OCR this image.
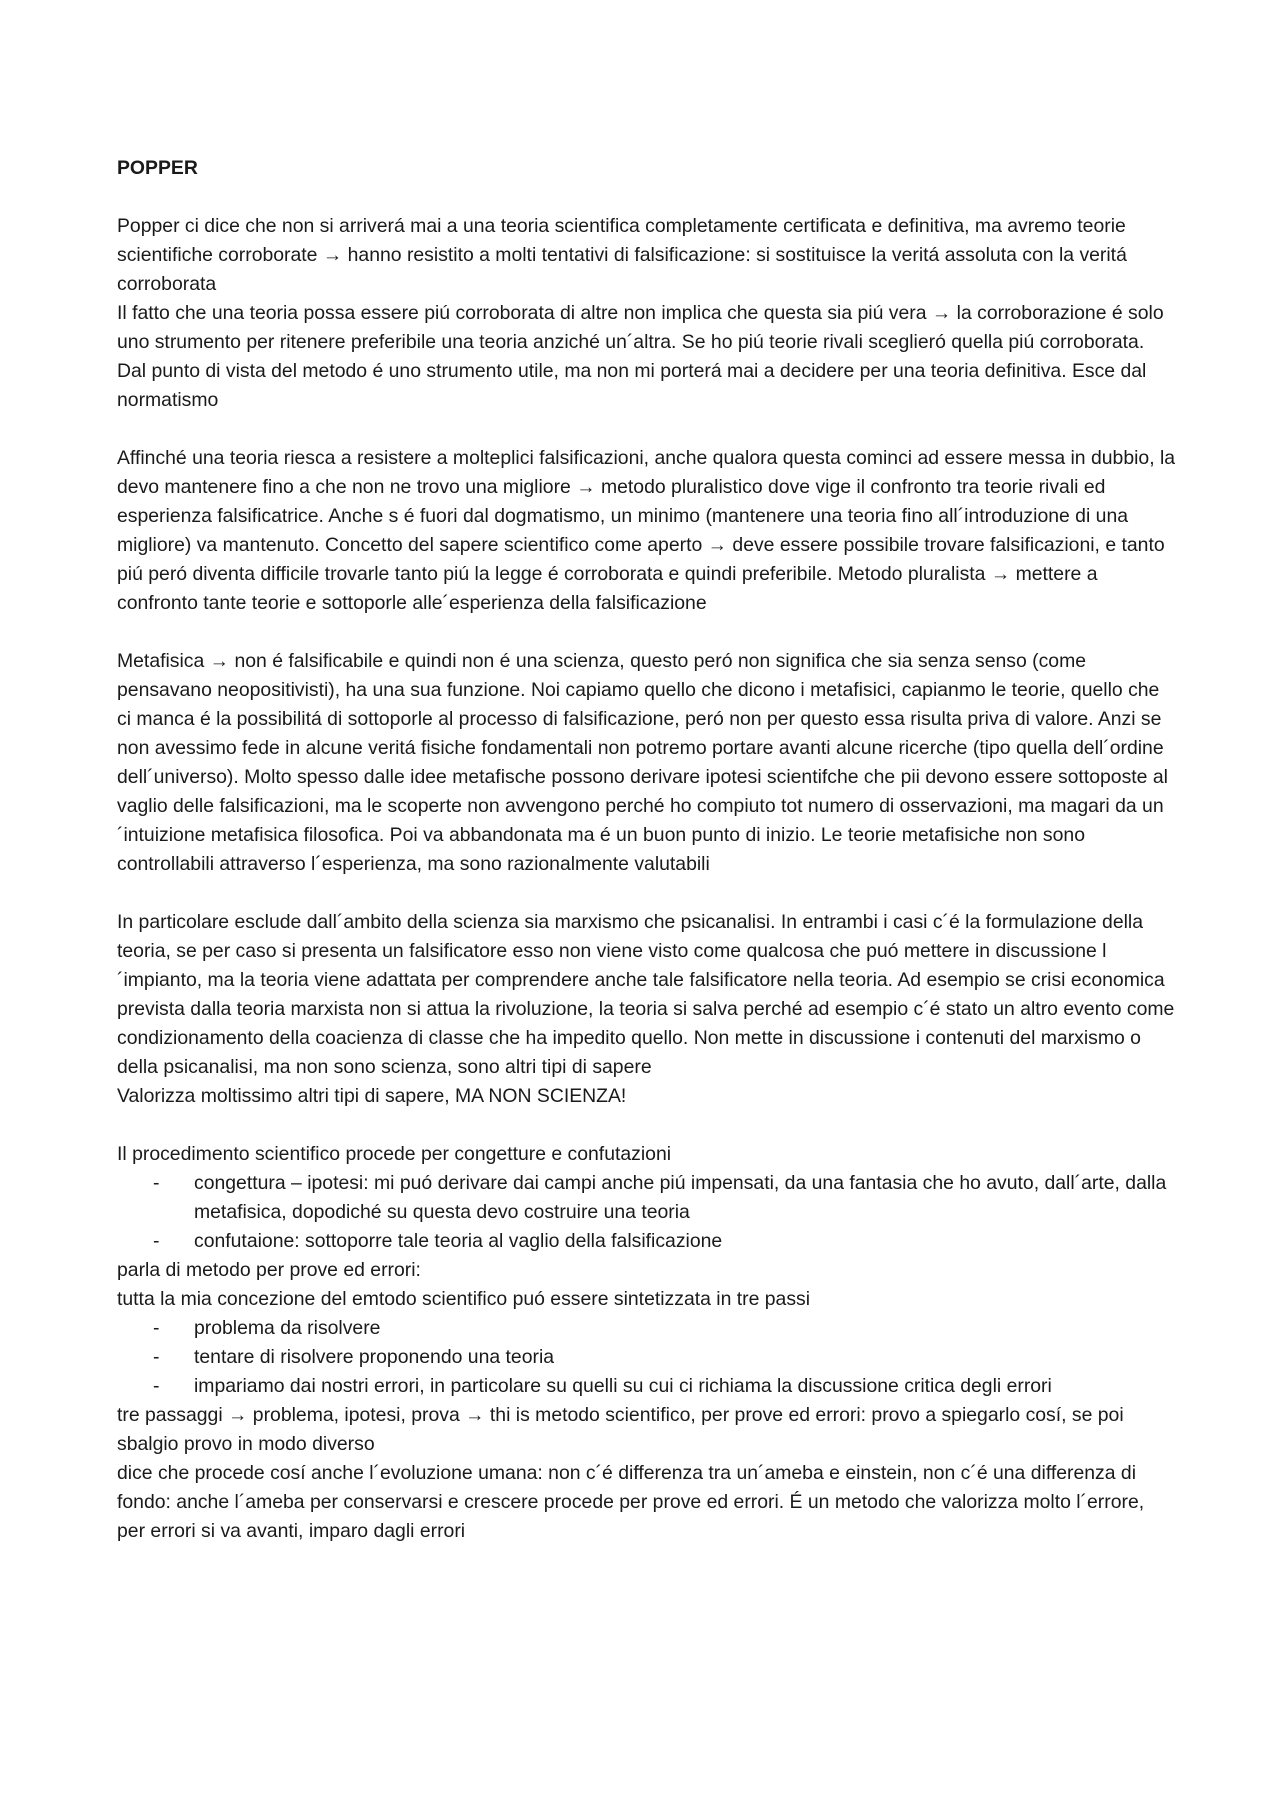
POPPER

Popper ci dice che non si arriverá mai a una teoria scientifica completamente certificata e definitiva, ma avremo teorie scientifiche corroborate → hanno resistito a molti tentativi di falsificazione: si sostituisce la veritá assoluta con la veritá corroborata

Il fatto che una teoria possa essere piú corroborata di altre non implica che questa sia piú vera → la corroborazione é solo uno strumento per ritenere preferibile una teoria anziché un´altra. Se ho piú teorie rivali sceglieró quella piú corroborata. Dal punto di vista del metodo é uno strumento utile, ma non mi porterá mai a decidere per una teoria definitiva. Esce dal normatismo

Affinché una teoria riesca a resistere a molteplici falsificazioni, anche qualora questa cominci ad essere messa in dubbio, la devo mantenere fino a che non ne trovo una migliore → metodo pluralistico dove vige il confronto tra teorie rivali ed esperienza falsificatrice. Anche s é fuori dal dogmatismo, un minimo (mantenere una teoria fino all´introduzione di una migliore) va mantenuto. Concetto del sapere scientifico come aperto → deve essere possibile trovare falsificazioni, e tanto piú peró diventa difficile trovarle tanto piú la legge é corroborata e quindi preferibile. Metodo pluralista → mettere a confronto tante teorie e sottoporle alle´esperienza della falsificazione

Metafisica → non é falsificabile e quindi non é una scienza, questo peró non significa che sia senza senso (come pensavano neopositivisti), ha una sua funzione. Noi capiamo quello che dicono i metafisici, capianmo le teorie, quello che ci manca é la possibilitá di sottoporle al processo di falsificazione, peró non per questo essa risulta priva di valore. Anzi se non avessimo fede in alcune veritá fisiche fondamentali non potremo portare avanti alcune ricerche (tipo quella dell´ordine dell´universo). Molto spesso dalle idee metafische possono derivare ipotesi scientifche che pii devono essere sottoposte al vaglio delle falsificazioni, ma le scoperte non avvengono perché ho compiuto tot numero di osservazioni, ma magari da un´intuizione metafisica filosofica. Poi va abbandonata ma é un buon punto di inizio. Le teorie metafisiche non sono controllabili attraverso l´esperienza, ma sono razionalmente valutabili

In particolare esclude dall´ambito della scienza sia marxismo che psicanalisi. In entrambi i casi c´é la formulazione della teoria, se per caso si presenta un falsificatore esso non viene visto come qualcosa che puó mettere in discussione l´impianto, ma la teoria viene adattata per comprendere anche tale falsificatore nella teoria. Ad esempio se crisi economica prevista dalla teoria marxista non si attua la rivoluzione, la teoria si salva perché ad esempio c´é stato un altro evento come condizionamento della coacienza di classe che ha impedito quello. Non mette in discussione i contenuti del marxismo o della psicanalisi, ma non sono scienza, sono altri tipi di sapere

Valorizza moltissimo altri tipi di sapere, MA NON SCIENZA!

Il procedimento scientifico procede per congetture e confutazioni

- congettura – ipotesi: mi puó derivare dai campi anche piú impensati, da una fantasia che ho avuto, dall´arte, dalla metafisica, dopodiché su questa devo costruire una teoria
- confutaione: sottoporre tale teoria al vaglio della falsificazione

parla di metodo per prove ed errori:

tutta la mia concezione del emtodo scientifico puó essere sintetizzata in tre passi

- problema da risolvere
- tentare di risolvere proponendo una teoria
- impariamo dai nostri errori, in particolare su quelli su cui ci richiama la discussione critica degli errori

tre passaggi → problema, ipotesi, prova → thi is metodo scientifico, per prove ed errori: provo a spiegarlo cosí, se poi sbalgio provo in modo diverso

dice che procede cosí anche l´evoluzione umana: non c´é differenza tra un´ameba e einstein, non c´é una differenza di fondo: anche l´ameba per conservarsi e crescere procede per prove ed errori. É un metodo che valorizza molto l´errore, per errori si va avanti, imparo dagli errori
